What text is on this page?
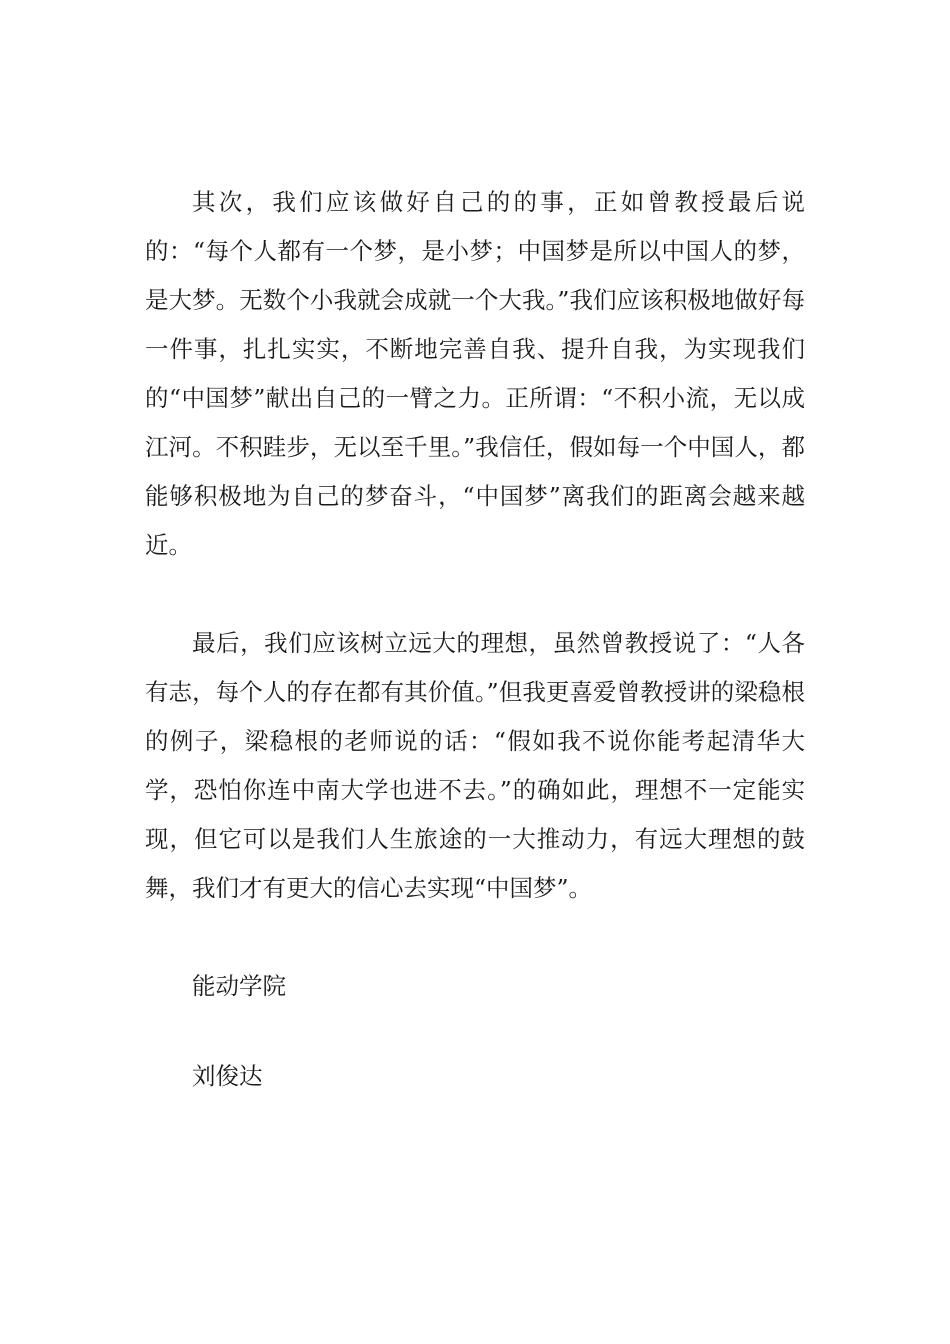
其次，我们应该做好自己的的事，正如曾教授最后说的：“每个人都有一个梦，是小梦；中国梦是所以中国人的梦，是大梦。无数个小我就会成就一个大我。”我们应该积极地做好每一件事，扎扎实实，不断地完善自我、提升自我，为实现我们的“中国梦”献出自己的一臂之力。正所谓：“不积小流，无以成江河。不积跬步，无以至千里。”我信任，假如每一个中国人，都能够积极地为自己的梦奋斗，“中国梦”离我们的距离会越来越近。

最后，我们应该树立远大的理想，虽然曾教授说了：“人各有志，每个人的存在都有其价值。”但我更喜爱曾教授讲的梁稳根的例子，梁稳根的老师说的话：“假如我不说你能考起清华大学，恐怕你连中南大学也进不去。”的确如此，理想不一定能实现，但它可以是我们人生旅途的一大推动力，有远大理想的鼓舞，我们才有更大的信心去实现“中国梦”。

能动学院

刘俊达
